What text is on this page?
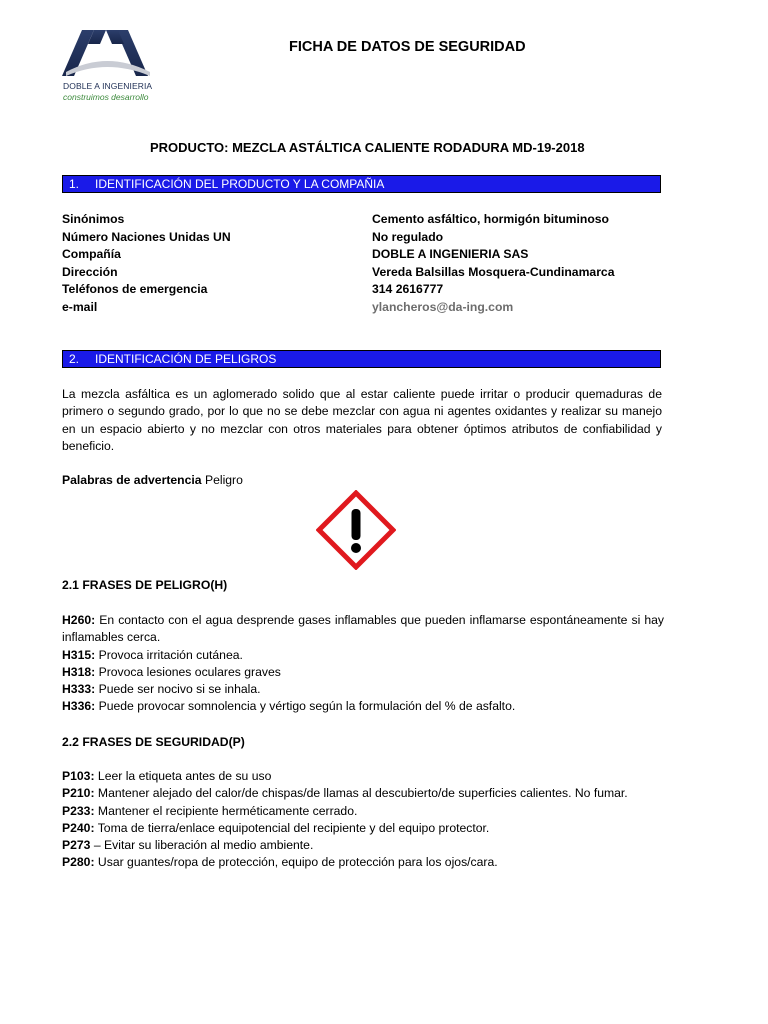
DOBLE A INGENIERIA
construimos desarrollo
FICHA DE DATOS DE SEGURIDAD
PRODUCTO: MEZCLA ASTÁLTICA CALIENTE RODADURA MD-19-2018
1. IDENTIFICACIÓN DEL PRODUCTO Y LA COMPAÑIA
Sinónimos	Cemento asfáltico, hormigón bituminoso
Número Naciones Unidas UN	No regulado
Compañía	DOBLE A INGENIERIA SAS
Dirección	Vereda Balsillas Mosquera-Cundinamarca
Teléfonos de emergencia	314 2616777
e-mail	ylancheros@da-ing.com
2. IDENTIFICACIÓN DE PELIGROS
La mezcla asfáltica es un aglomerado solido que al estar caliente puede irritar o producir quemaduras de primero o segundo grado, por lo que no se debe mezclar con agua ni agentes oxidantes y realizar su manejo en un espacio abierto y no mezclar con otros materiales para obtener óptimos atributos de confiabilidad y beneficio.
Palabras de advertencia Peligro
2.1 FRASES DE PELIGRO(H)
H260: En contacto con el agua desprende gases inflamables que pueden inflamarse espontáneamente si hay inflamables cerca.
H315: Provoca irritación cutánea.
H318: Provoca lesiones oculares graves
H333: Puede ser nocivo si se inhala.
H336: Puede provocar somnolencia y vértigo según la formulación del % de asfalto.
2.2 FRASES DE SEGURIDAD(P)
P103: Leer la etiqueta antes de su uso
P210: Mantener alejado del calor/de chispas/de llamas al descubierto/de superficies calientes. No fumar.
P233: Mantener el recipiente herméticamente cerrado.
P240: Toma de tierra/enlace equipotencial del recipiente y del equipo protector.
P273 – Evitar su liberación al medio ambiente.
P280: Usar guantes/ropa de protección, equipo de protección para los ojos/cara.
